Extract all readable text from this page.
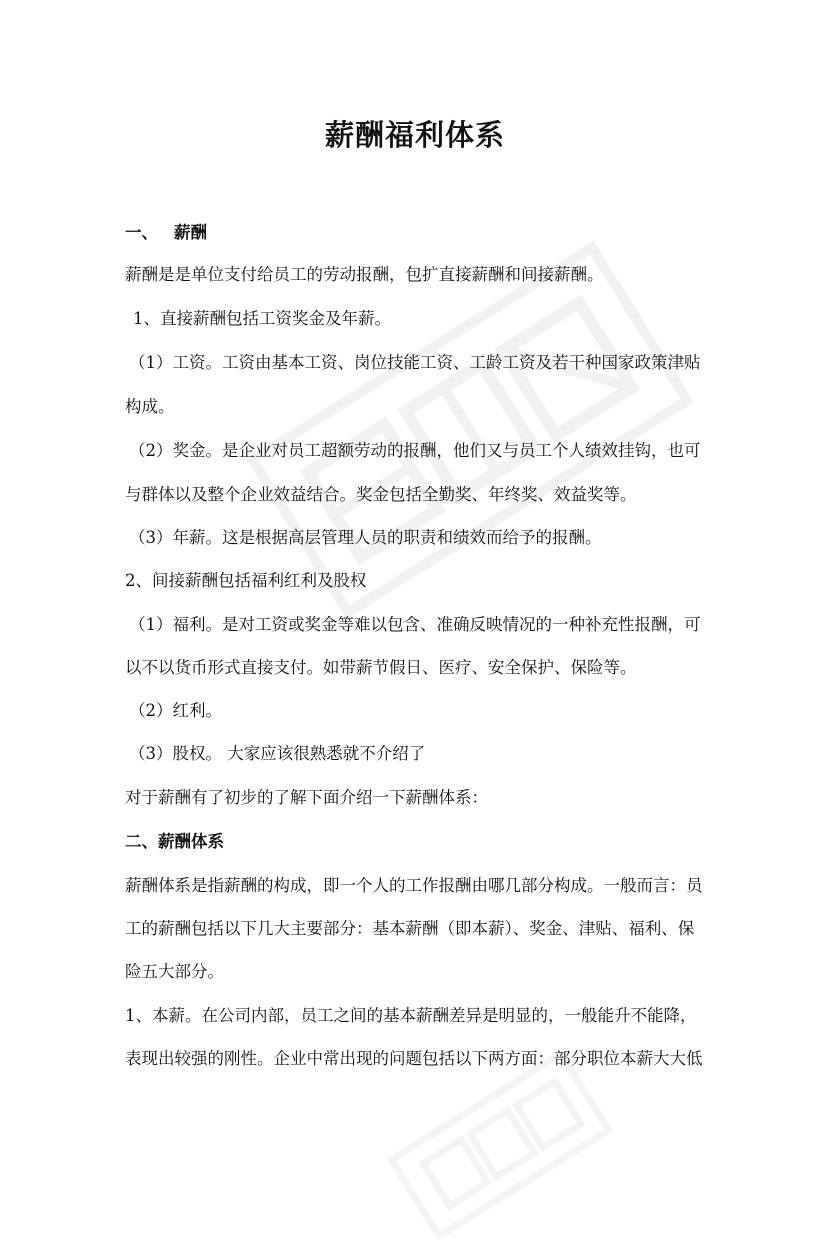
薪酬福利体系
一、 薪酬
薪酬是是单位支付给员工的劳动报酬，包扩直接薪酬和间接薪酬。
1、直接薪酬包括工资奖金及年薪。
（1）工资。工资由基本工资、岗位技能工资、工龄工资及若干种国家政策津贴
构成。
（2）奖金。是企业对员工超额劳动的报酬，他们又与员工个人绩效挂钩，也可
与群体以及整个企业效益结合。奖金包括全勤奖、年终奖、效益奖等。
（3）年薪。这是根据高层管理人员的职责和绩效而给予的报酬。
2、间接薪酬包括福利红利及股权
（1）福利。是对工资或奖金等难以包含、准确反映情况的一种补充性报酬，可
以不以货币形式直接支付。如带薪节假日、医疗、安全保护、保险等。
（2）红利。
（3）股权。 大家应该很熟悉就不介绍了
对于薪酬有了初步的了解下面介绍一下薪酬体系：
二、薪酬体系
薪酬体系是指薪酬的构成，即一个人的工作报酬由哪几部分构成。一般而言：员
工的薪酬包括以下几大主要部分：基本薪酬（即本薪）、奖金、津贴、福利、保
险五大部分。
1、本薪。在公司内部，员工之间的基本薪酬差异是明显的，一般能升不能降，
表现出较强的刚性。企业中常出现的问题包括以下两方面：部分职位本薪大大低
